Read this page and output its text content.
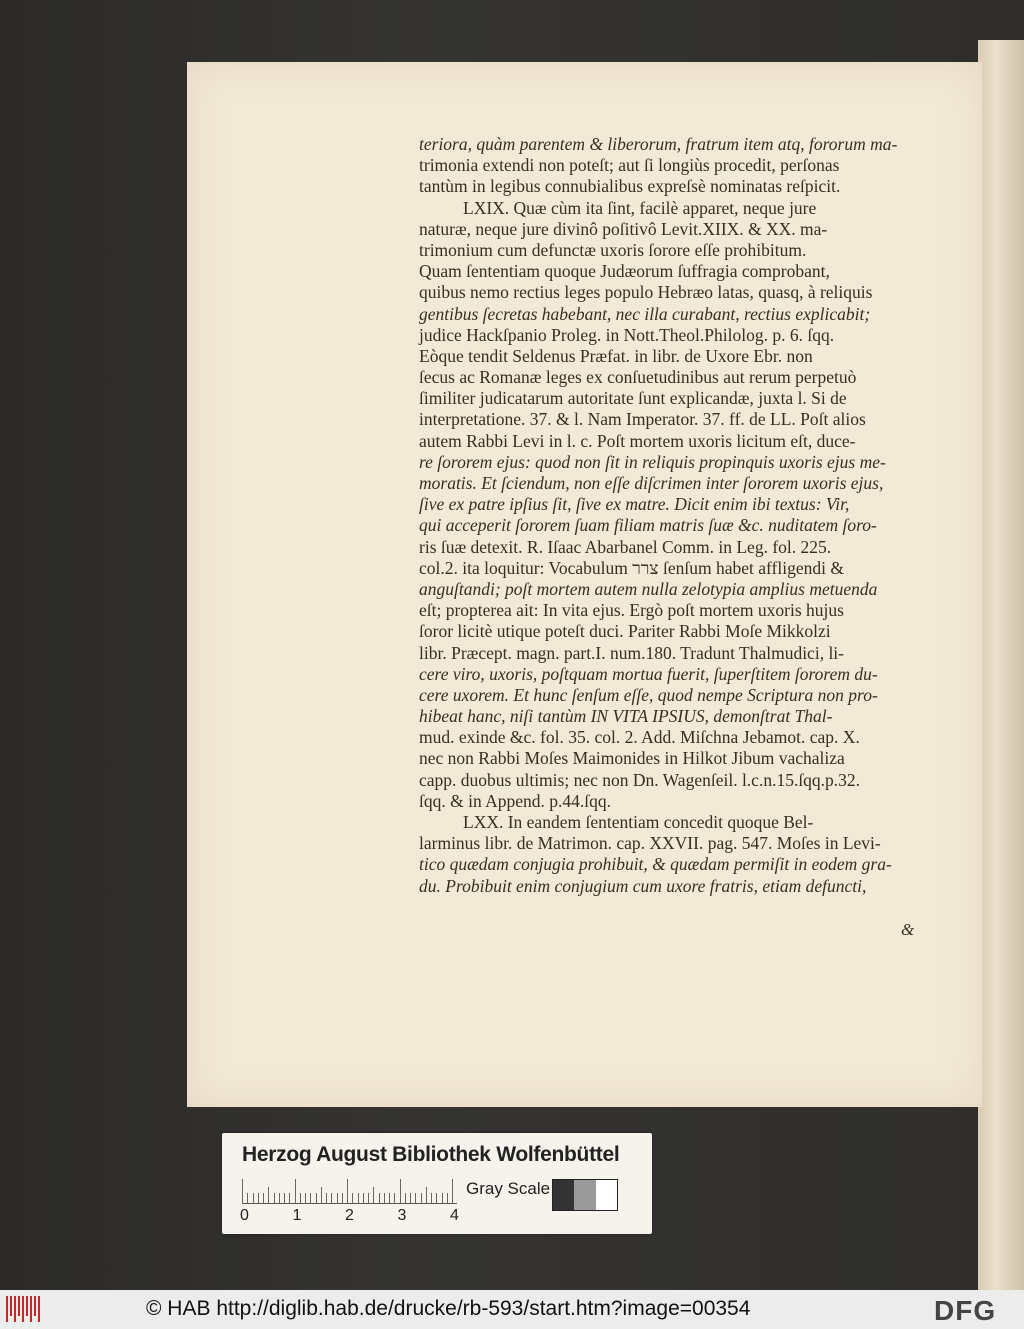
teriora, quàm parentem & liberorum, fratrum item atq, fororum ma-
trimonia extendi non poteſt; aut ſi longiùs procedit, perſonas
tantùm in legibus connubialibus expreſsè nominatas reſpicit.
LXIX. Quæ cùm ita ſint, facilè apparet, neque jure
naturæ, neque jure divinô poſitivô Levit.XIIX. & XX. ma-
trimonium cum defunctæ uxoris ſorore eſſe prohibitum.
Quam ſententiam quoque Judæorum ſuffragia comprobant,
quibus nemo rectius leges populo Hebræo latas, quasq, à reliquis
gentibus ſecretas habebant, nec illa curabant, rectius explicabit;
judice Hackſpanio Proleg. in Nott.Theol.Philolog. p. 6. ſqq.
Eòque tendit Seldenus Præfat. in libr. de Uxore Ebr. non
ſecus ac Romanæ leges ex conſuetudinibus aut rerum perpetuò
ſimiliter judicatarum autoritate ſunt explicandæ, juxta l. Si de
interpretatione. 37. & l. Nam Imperator. 37. ff. de LL. Poſt alios
autem Rabbi Levi in l. c. Poſt mortem uxoris licitum eſt, duce-
re ſororem ejus: quod non ſit in reliquis propinquis uxoris ejus me-
moratis. Et ſciendum, non eſſe diſcrimen inter ſororem uxoris ejus,
ſive ex patre ipſius ſit, ſive ex matre. Dicit enim ibi textus: Vir,
qui acceperit ſororem ſuam filiam matris ſuæ &c. nuditatem ſoro-
ris ſuæ detexit. R. Iſaac Abarbanel Comm. in Leg. fol. 225.
col.2. ita loquitur: Vocabulum צרר ſenſum habet affligendi &
anguſtandi; poſt mortem autem nulla zelotypia amplius metuenda
eſt; propterea ait: In vita ejus. Ergò poſt mortem uxoris hujus
ſoror licitè utique poteſt duci. Pariter Rabbi Moſe Mikkolzi
libr. Præcept. magn. part.I. num.180. Tradunt Thalmudici, li-
cere viro, uxoris, poſtquam mortua fuerit, ſuperſtitem ſororem du-
cere uxorem. Et hunc ſenſum eſſe, quod nempe Scriptura non pro-
hibeat hanc, niſi tantùm IN VITA IPSIUS, demonſtrat Thal-
mud. exinde &c. fol. 35. col. 2. Add. Miſchna Jebamot. cap. X.
nec non Rabbi Moſes Maimonides in Hilkot Jibum vachaliza
capp. duobus ultimis; nec non Dn. Wagenſeil. l.c.n.15.ſqq.p.32.
ſqq. & in Append. p.44.ſqq.
LXX. In eandem ſententiam concedit quoque Bel-
larminus libr. de Matrimon. cap. XXVII. pag. 547. Moſes in Levi-
tico quædam conjugia prohibuit, & quædam permiſit in eodem gra-
du. Probibuit enim conjugium cum uxore fratris, etiam defuncti,
&
Herzog August Bibliothek Wolfenbüttel
0	1	2	3	4
Gray Scale
© HAB http://diglib.hab.de/drucke/rb-593/start.htm?image=00354	DFG
